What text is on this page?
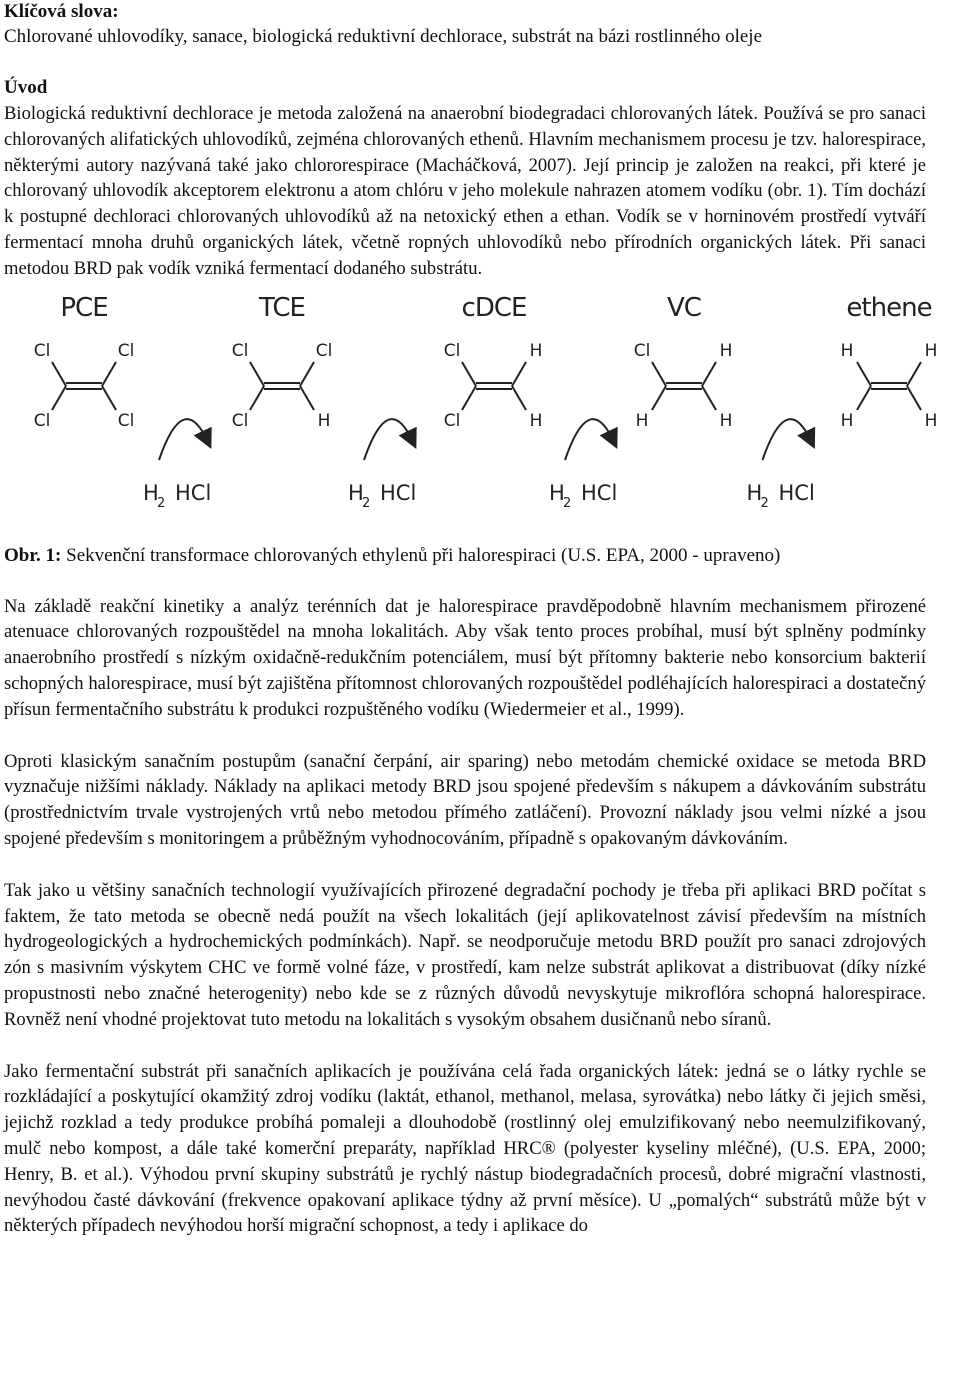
Klíčová slova:

Chlorované uhlovodíky, sanace, biologická reduktivní dechlorace, substrát na bázi rostlinného oleje

Úvod

Biologická reduktivní dechlorace je metoda založená na anaerobní biodegradaci chlorovaných látek. Používá se pro sanaci chlorovaných alifatických uhlovodíků, zejména chlorovaných ethenů. Hlavním mechanismem procesu je tzv. halorespirace, některými autory nazývaná také jako chlororespirace (Macháčková, 2007). Její princip je založen na reakci, při které je chlorovaný uhlovodík akceptorem elektronu a atom chlóru v jeho molekule nahrazen atomem vodíku (obr. 1). Tím dochází k postupné dechloraci chlorovaných uhlovodíků až na netoxický ethen a ethan. Vodík se v horninovém prostředí vytváří fermentací mnoha druhů organických látek, včetně ropných uhlovodíků nebo přírodních organických látek. Při sanaci metodou BRD pak vodík vzniká fermentací dodaného substrátu.

PCE
Cl
Cl
Cl
Cl
TCE
Cl
Cl
Cl
H
cDCE
Cl
Cl
H
H
VC
Cl
H
H
H
ethene
H
H
H
H
H
2 HCl	H
2 HCl	H
2 HCl	H
2 HCl

Obr. 1: Sekvenční transformace chlorovaných ethylenů při halorespiraci (U.S. EPA, 2000 - upraveno)

Na základě reakční kinetiky a analýz terénních dat je halorespirace pravděpodobně hlavním mechanismem přirozené atenuace chlorovaných rozpouštědel na mnoha lokalitách. Aby však tento proces probíhal, musí být splněny podmínky anaerobního prostředí s nízkým oxidačně-redukčním potenciálem, musí být přítomny bakterie nebo konsorcium bakterií schopných halorespirace, musí být zajištěna přítomnost chlorovaných rozpouštědel podléhajících halorespiraci a dostatečný přísun fermentačního substrátu k produkci rozpuštěného vodíku (Wiedermeier et al., 1999).

Oproti klasickým sanačním postupům (sanační čerpání, air sparing) nebo metodám chemické oxidace se metoda BRD vyznačuje nižšími náklady. Náklady na aplikaci metody BRD jsou spojené především s nákupem a dávkováním substrátu (prostřednictvím trvale vystrojených vrtů nebo metodou přímého zatláčení). Provozní náklady jsou velmi nízké a jsou spojené především s monitoringem a průběžným vyhodnocováním, případně s opakovaným dávkováním.

Tak jako u většiny sanačních technologií využívajících přirozené degradační pochody je třeba při aplikaci BRD počítat s faktem, že tato metoda se obecně nedá použít na všech lokalitách (její aplikovatelnost závisí především na místních hydrogeologických a hydrochemických podmínkách). Např. se neodporučuje metodu BRD použít pro sanaci zdrojových zón s masivním výskytem CHC ve formě volné fáze, v prostředí, kam nelze substrát aplikovat a distribuovat (díky nízké propustnosti nebo značné heterogenity) nebo kde se z různých důvodů nevyskytuje mikroflóra schopná halorespirace. Rovněž není vhodné projektovat tuto metodu na lokalitách s vysokým obsahem dusičnanů nebo síranů.

Jako fermentační substrát při sanačních aplikacích je používána celá řada organických látek: jedná se o látky rychle se rozkládající a poskytující okamžitý zdroj vodíku (laktát, ethanol, methanol, melasa, syrovátka) nebo látky či jejich směsi, jejichž rozklad a tedy produkce probíhá pomaleji a dlouhodobě (rostlinný olej emulzifikovaný nebo neemulzifikovaný, mulč nebo kompost, a dále také komerční preparáty, například HRC® (polyester kyseliny mléčné), (U.S. EPA, 2000; Henry, B. et al.). Výhodou první skupiny substrátů je rychlý nástup biodegradačních procesů, dobré migrační vlastnosti, nevýhodou časté dávkování (frekvence opakovaní aplikace týdny až první měsíce). U „pomalých“ substrátů může být v některých případech nevýhodou horší migrační schopnost, a tedy i aplikace do
